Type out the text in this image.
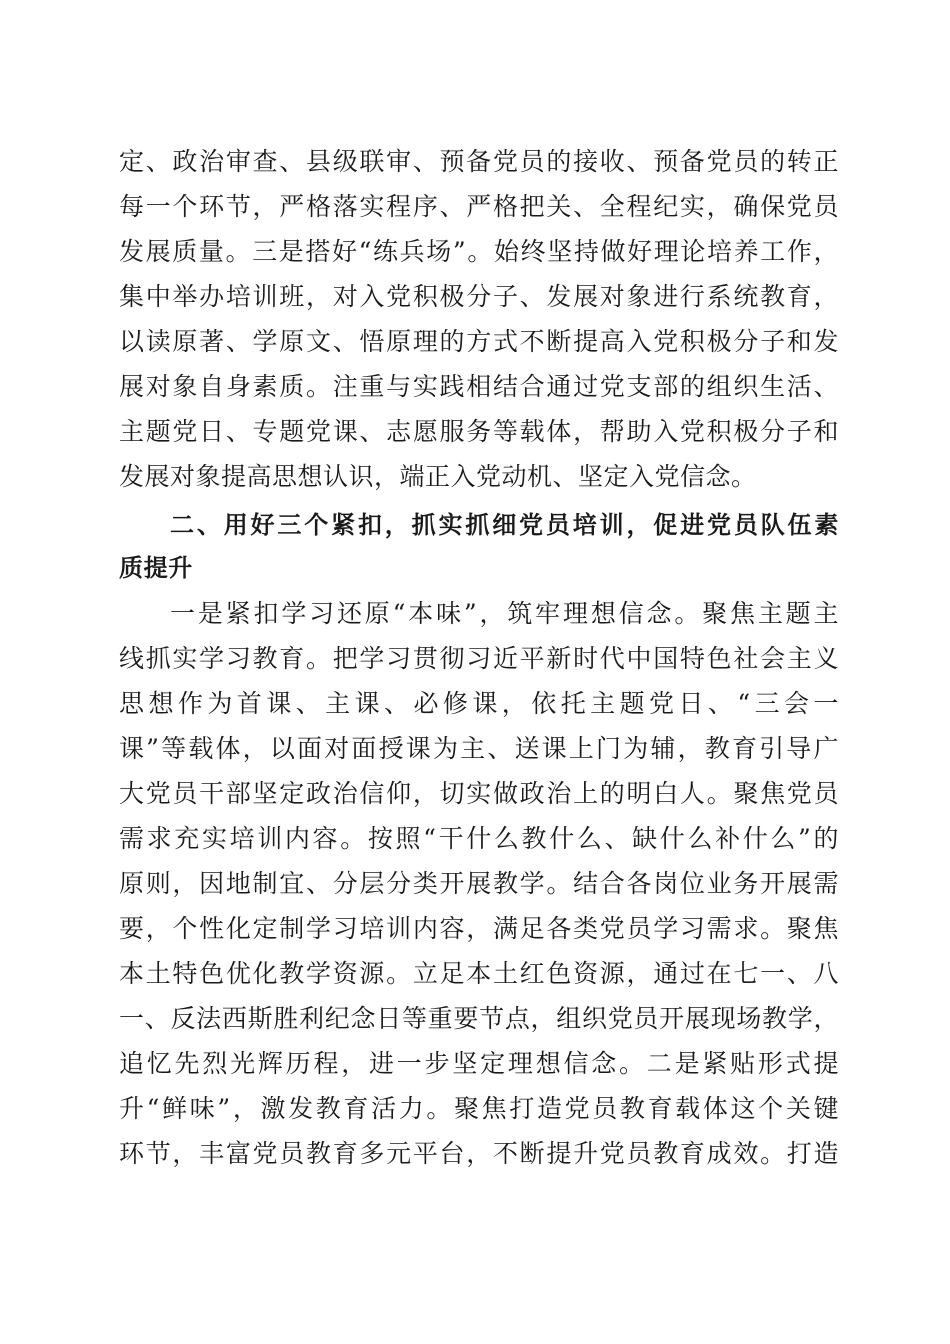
定、政治审查、县级联审、预备党员的接收、预备党员的转正
每一个环节，严格落实程序、严格把关、全程纪实，确保党员
发展质量。三是搭好“练兵场”。始终坚持做好理论培养工作，
集中举办培训班，对入党积极分子、发展对象进行系统教育，
以读原著、学原文、悟原理的方式不断提高入党积极分子和发
展对象自身素质。注重与实践相结合通过党支部的组织生活、
主题党日、专题党课、志愿服务等载体，帮助入党积极分子和
发展对象提高思想认识，端正入党动机、坚定入党信念。
二、用好三个紧扣，抓实抓细党员培训，促进党员队伍素
质提升
一是紧扣学习还原“本味”，筑牢理想信念。聚焦主题主
线抓实学习教育。把学习贯彻习近平新时代中国特色社会主义
思想作为首课、主课、必修课，依托主题党日、“三会一
课”等载体，以面对面授课为主、送课上门为辅，教育引导广
大党员干部坚定政治信仰，切实做政治上的明白人。聚焦党员
需求充实培训内容。按照“干什么教什么、缺什么补什么”的
原则，因地制宜、分层分类开展教学。结合各岗位业务开展需
要，个性化定制学习培训内容，满足各类党员学习需求。聚焦
本土特色优化教学资源。立足本土红色资源，通过在七一、八
一、反法西斯胜利纪念日等重要节点，组织党员开展现场教学，
追忆先烈光辉历程，进一步坚定理想信念。二是紧贴形式提
升“鲜味”，激发教育活力。聚焦打造党员教育载体这个关键
环节，丰富党员教育多元平台，不断提升党员教育成效。打造
